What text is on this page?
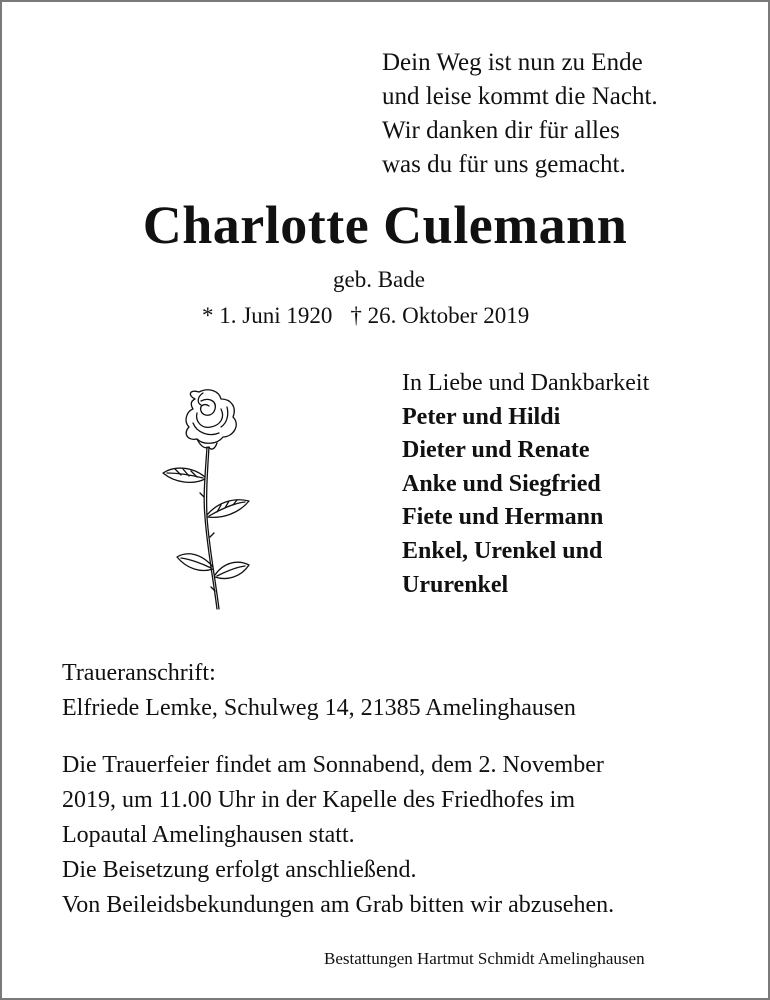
Dein Weg ist nun zu Ende
und leise kommt die Nacht.
Wir danken dir für alles
was du für uns gemacht.
Charlotte Culemann
geb. Bade
* 1. Juni 1920 † 26. Oktober 2019
In Liebe und Dankbarkeit
Peter und Hildi
Dieter und Renate
Anke und Siegfried
Fiete und Hermann
Enkel, Urenkel und
Ururenkel
Traueranschrift:
Elfriede Lemke, Schulweg 14, 21385 Amelinghausen
Die Trauerfeier findet am Sonnabend, dem 2. November
2019, um 11.00 Uhr in der Kapelle des Friedhofes im
Lopautal Amelinghausen statt.
Die Beisetzung erfolgt anschließend.
Von Beileidsbekundungen am Grab bitten wir abzusehen.
Bestattungen Hartmut Schmidt Amelinghausen
